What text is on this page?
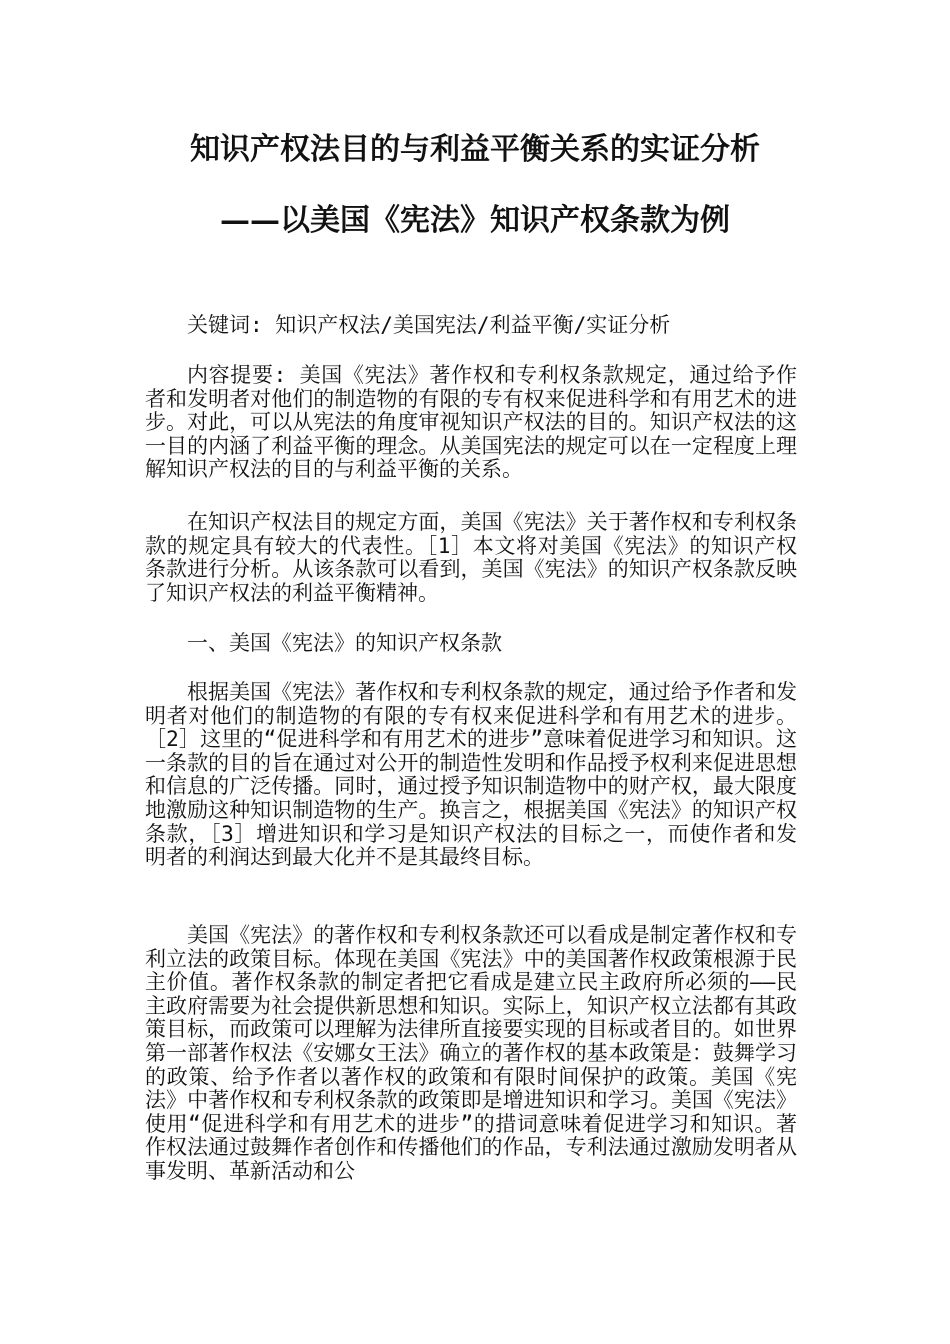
知识产权法目的与利益平衡关系的实证分析
——以美国《宪法》知识产权条款为例

关键词: 知识产权法/美国宪法/利益平衡/实证分析

内容提要: 美国《宪法》著作权和专利权条款规定，通过给予作者和发明者对他们的制造物的有限的专有权来促进科学和有用艺术的进步。对此，可以从宪法的角度审视知识产权法的目的。知识产权法的这一目的内涵了利益平衡的理念。从美国宪法的规定可以在一定程度上理解知识产权法的目的与利益平衡的关系。

在知识产权法目的规定方面，美国《宪法》关于著作权和专利权条款的规定具有较大的代表性。［1］本文将对美国《宪法》的知识产权条款进行分析。从该条款可以看到，美国《宪法》的知识产权条款反映了知识产权法的利益平衡精神。

一、美国《宪法》的知识产权条款

根据美国《宪法》著作权和专利权条款的规定，通过给予作者和发明者对他们的制造物的有限的专有权来促进科学和有用艺术的进步。［2］这里的“促进科学和有用艺术的进步”意味着促进学习和知识。这一条款的目的旨在通过对公开的制造性发明和作品授予权利来促进思想和信息的广泛传播。同时，通过授予知识制造物中的财产权，最大限度地激励这种知识制造物的生产。换言之，根据美国《宪法》的知识产权条款，［3］增进知识和学习是知识产权法的目标之一，而使作者和发明者的利润达到最大化并不是其最终目标。

美国《宪法》的著作权和专利权条款还可以看成是制定著作权和专利立法的政策目标。体现在美国《宪法》中的美国著作权政策根源于民主价值。著作权条款的制定者把它看成是建立民主政府所必须的——民主政府需要为社会提供新思想和知识。实际上，知识产权立法都有其政策目标，而政策可以理解为法律所直接要实现的目标或者目的。如世界第一部著作权法《安娜女王法》确立的著作权的基本政策是：鼓舞学习的政策、给予作者以著作权的政策和有限时间保护的政策。美国《宪法》中著作权和专利权条款的政策即是增进知识和学习。美国《宪法》使用“促进科学和有用艺术的进步”的措词意味着促进学习和知识。著作权法通过鼓舞作者创作和传播他们的作品，专利法通过激励发明者从事发明、革新活动和公
